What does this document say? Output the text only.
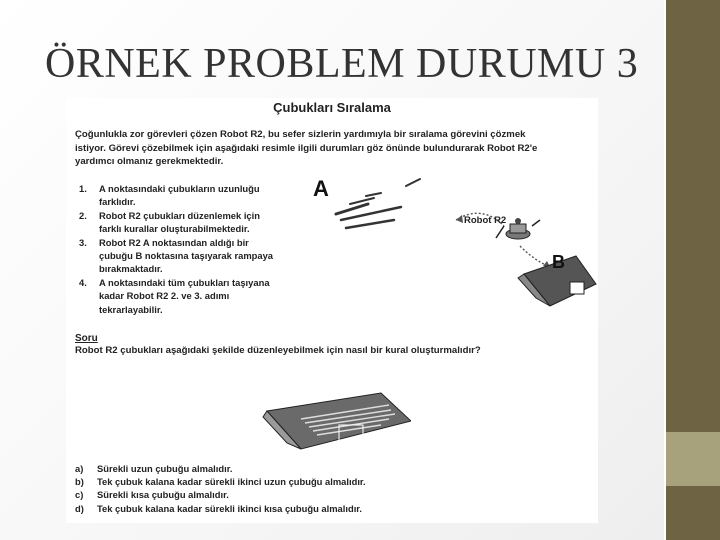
ÖRNEK PROBLEM DURUMU 3
Çubukları Sıralama
Çoğunlukla zor görevleri çözen Robot R2, bu sefer sizlerin yardımıyla bir sıralama görevini çözmek
istiyor. Görevi çözebilmek için aşağıdaki resimle ilgili durumları göz önünde bulundurarak Robot R2'e
yardımcı olmanız gerekmektedir.
1. A noktasındaki çubukların uzunluğu
farklıdır.
2. Robot R2 çubukları düzenlemek için
farklı kurallar oluşturabilmektedir.
3. Robot R2 A noktasından aldığı bir
çubuğu B noktasına taşıyarak rampaya
bırakmaktadır.
4. A noktasındaki tüm çubukları taşıyana
kadar Robot R2 2. ve 3. adımı
tekrarlayabilir.
A
B
Robot R2
Soru
Robot R2 çubukları aşağıdaki şekilde düzenleyebilmek için nasıl bir kural oluşturmalıdır?
a) Sürekli uzun çubuğu almalıdır.
b) Tek çubuk kalana kadar sürekli ikinci uzun çubuğu almalıdır.
c) Sürekli kısa çubuğu almalıdır.
d) Tek çubuk kalana kadar sürekli ikinci kısa çubuğu almalıdır.
